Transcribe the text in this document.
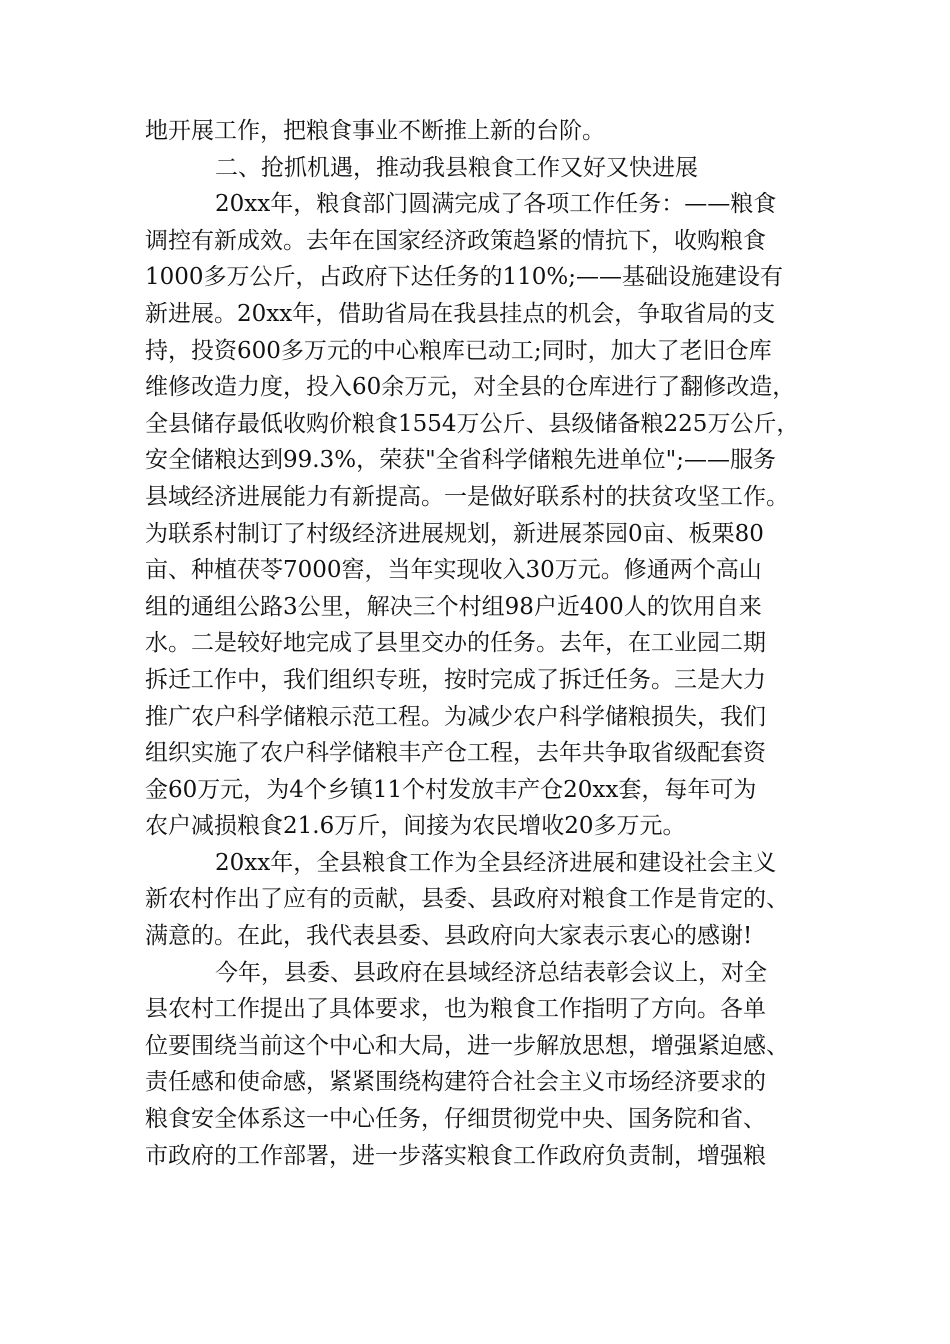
地开展工作，把粮食事业不断推上新的台阶。
二、抢抓机遇，推动我县粮食工作又好又快进展
20xx年，粮食部门圆满完成了各项工作任务：——粮食
调控有新成效。去年在国家经济政策趋紧的情抗下，收购粮食
1000多万公斤，占政府下达任务的110%;——基础设施建设有
新进展。20xx年，借助省局在我县挂点的机会，争取省局的支
持，投资600多万元的中心粮库已动工;同时，加大了老旧仓库
维修改造力度，投入60余万元，对全县的仓库进行了翻修改造，
全县储存最低收购价粮食1554万公斤、县级储备粮225万公斤，
安全储粮达到99.3%，荣获"全省科学储粮先进单位";——服务
县域经济进展能力有新提高。一是做好联系村的扶贫攻坚工作。
为联系村制订了村级经济进展规划，新进展茶园0亩、板栗80
亩、种植茯苓7000窖，当年实现收入30万元。修通两个高山
组的通组公路3公里，解决三个村组98户近400人的饮用自来
水。二是较好地完成了县里交办的任务。去年，在工业园二期
拆迁工作中，我们组织专班，按时完成了拆迁任务。三是大力
推广农户科学储粮示范工程。为减少农户科学储粮损失，我们
组织实施了农户科学储粮丰产仓工程，去年共争取省级配套资
金60万元，为4个乡镇11个村发放丰产仓20xx套，每年可为
农户减损粮食21.6万斤，间接为农民增收20多万元。
20xx年，全县粮食工作为全县经济进展和建设社会主义
新农村作出了应有的贡献，县委、县政府对粮食工作是肯定的、
满意的。在此，我代表县委、县政府向大家表示衷心的感谢!
今年，县委、县政府在县域经济总结表彰会议上，对全
县农村工作提出了具体要求，也为粮食工作指明了方向。各单
位要围绕当前这个中心和大局，进一步解放思想，增强紧迫感、
责任感和使命感，紧紧围绕构建符合社会主义市场经济要求的
粮食安全体系这一中心任务，仔细贯彻党中央、国务院和省、
市政府的工作部署，进一步落实粮食工作政府负责制，增强粮
